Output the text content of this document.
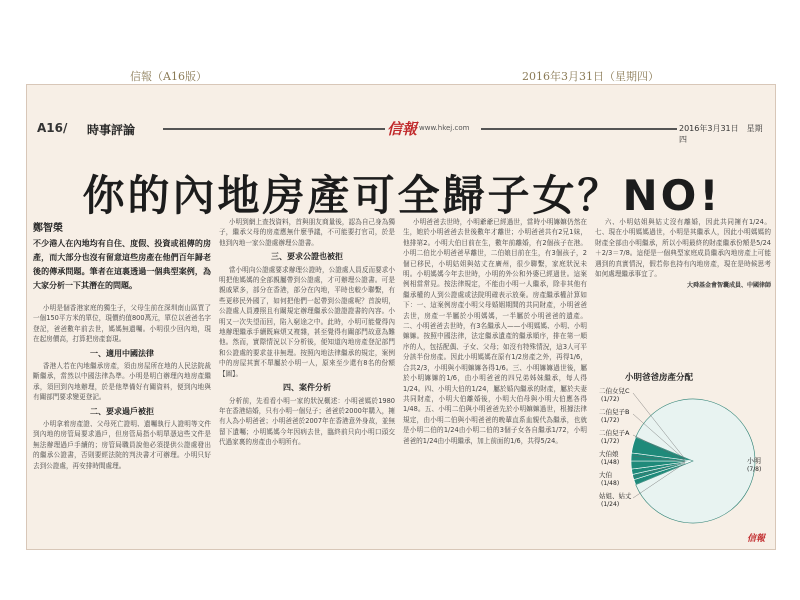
信報（A16版）	2016年3月31日（星期四）
A16/ 時事評論	信報 www.hkej.com	2016年3月31日　星期四
你的內地房產可全歸子女？NO!
鄭智榮

不少港人在內地均有自住、度假、投資或祖傳的房產，而大部分也沒有留意這些房產在他們百年歸老後的傳承問題。筆者在這裏透過一個典型案例，為大家分析一下其潛在的問題。

小明是個香港家庭的獨生子，父母生前在深圳南山區買了一個150平方米的單位，現價約值800萬元，單位以爸爸名字登記，爸爸數年前去世，媽媽無遺囑。小明很少回內地，現在起房價高，打算把房產套現。

一、適用中國法律

香港人若在內地繼承房產，須由房屋所在地的人民法院裁斷繼承，當然以中國法律為準。小明是明白辦理內地房產繼承，須回到內地辦理，於是他準備好有關資料，便到內地與有關部門要求變更登記。

二、要求過戶被拒

小明拿着房產證、父母死亡證明、遺囑執行人證明等文件到內地的房管局要求過戶，但房管局指小明單憑這些文件是無法辦理過戶手續的；房管局職員說他必須提供公證處發出的繼承公證書，否則要經法院的判決書才可辦理。小明只好去到公證處，再安排時間處理。

小明到網上查找資料，首與朋友商量後，認為自己身為獨子，繼承父母的房產應無什麼爭議，不可能要打官司，於是他到內地一家公證處辦理公證書。

三、要求公證也被拒

當小明向公證處要求辦理公證時，公證處人員反而要求小明把他媽媽的全部親屬帶到公證處，才可辦理公證書。可是親戚眾多，部分在香港，部分在內地，平時也較少聯繫，有些更移民外國了，如何把他們一起帶到公證處呢？首說明，公證處人員遵照且有關規定辦理繼承公證證證書的內容。小明又一次失望而回，陷入窮途之中。此時，小明可能覺得內地辦理繼承手續既麻煩又複雜，甚至覺得有關部門故意為難他。然而，實際情況以下分析後，便知道內地房產登記部門和公證處的要求並非無理。按照內地法律繼承的規定，案例中的房屋其實不單屬於小明一人，原來至少還有8名的份額【圖】。

四、案件分析

分析前，先看看小明一家的狀況概述：小明爸媽於1980年在香港結婚，只有小明一個兒子；爸爸於2000年購入，擁有人為小明爸爸；小明爸爸於2007年在香港意外身故，並無留下遺囑；小明媽媽今年因病去世，臨終前只向小明口頭交代過家裏的房產由小明所有。

小明爸爸去世時，小明爺爺已經過世，當時小明嫲嫲仍然在生，她於小明爸爸去世後數年才離世；小明爸爸共有2兄1妹，他排第2。小明大伯目前在生，數年前離婚，有2個孩子在港。小明二伯比小明爸爸早離世，二伯娘目前在生，有3個孩子，2個已移民，小明姑姐與姑丈在廣州，很少聯繫，家庭狀況未明。小明媽媽今年去世時，小明的外公和外婆已經過世。這案例相當常見。按法律規定，不能由小明一人繼承，除非其他有繼承權的人到公證處或法院明確表示放棄。房產繼承權計算如下：一、這案例房產小明父母婚姻期間的共同財產，小明爸爸去世，房產一半屬於小明媽媽，一半屬於小明爸爸的遺產。二、小明爸爸去世時，有3名繼承人——小明媽媽、小明、小明嫲嫲。按照中國法律，法定繼承遺產的繼承順序，排在第一順序的人，包括配偶、子女、父母；如沒有特殊情況，這3人可平分該半份房產。因此小明媽媽在原有1/2房產之外，再得1/6，合共2/3，小明與小明嫲嫲各得1/6。三、小明嫲嫲過世後，屬於小明嫲嫲的1/6，由小明爸爸的四兄弟姊妹繼承，每人得1/24。四、小明大伯的1/24，屬於婚內繼承的財產，屬於夫妻共同財產，小明大伯離婚後，小明大伯母與小明大伯應各得1/48。五、小明二伯與小明爸爸先於小明嫲嫲過世，根據法律規定，由小明二伯與小明爸爸的晚輩直系血親代為繼承，也就是小明二伯的1/24由小明二伯的3個子女各自繼承1/72，小明爸爸的1/24由小明繼承，加上前面的1/6，共得5/24。

六、小明姑姐與姑丈沒有離婚，因此共同擁有1/24。七、現在小明媽媽過世，小明是其繼承人，因此小明媽媽的財產全部由小明繼承，所以小明最終的財產繼承份額是5/24＋2/3＝7/8。這便是一個典型家庭成員繼承內地房產上可能遇到的真實情況，假若你也持有內地房產，現在是時候思考如何處理繼承事宜了。

大舜基金會智囊成員、中國律師

小明爸爸房產分配
二伯女兒C
(1/72)
二伯兒子B
(1/72)
二伯兒子A
(1/72)
大伯娘
(1/48)
大伯
(1/48)
姑姐、姑丈
(1/24)
小明
(7/8)
信報
